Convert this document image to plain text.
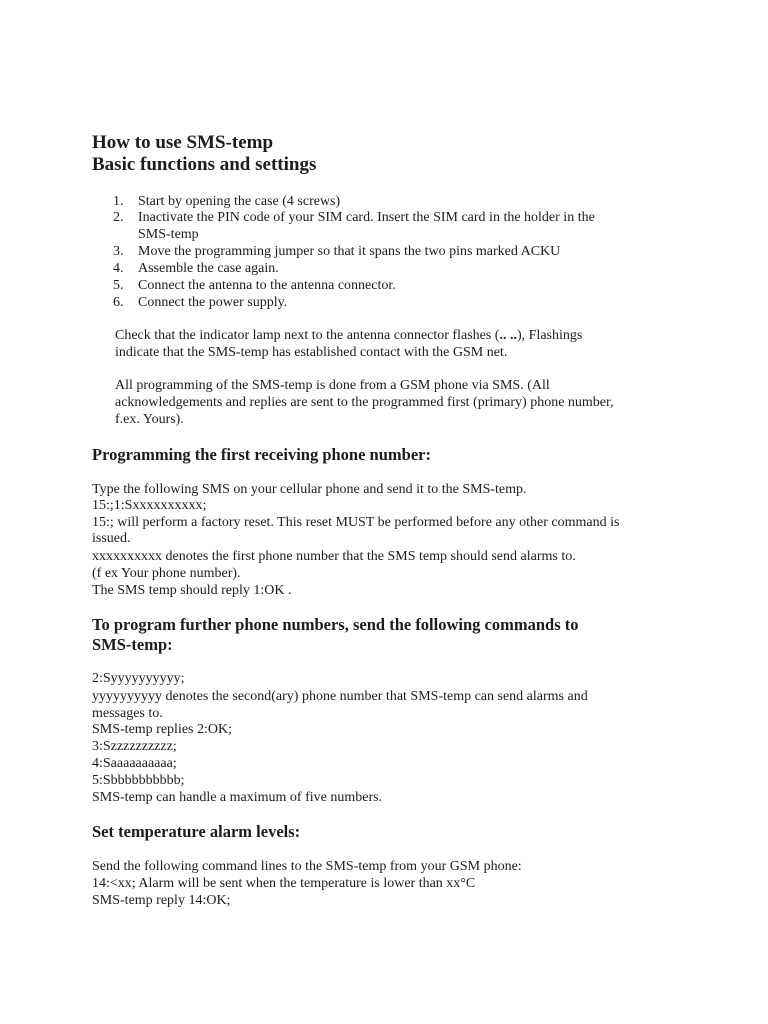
How to use SMS-temp
Basic functions and settings
1. Start by opening the case (4 screws)
2. Inactivate the PIN code of your SIM card. Insert the SIM card in the holder in the
SMS-temp
3. Move the programming jumper so that it spans the two pins marked ACKU
4. Assemble the case again.
5. Connect the antenna to the antenna connector.
6. Connect the power supply.
Check that the indicator lamp next to the antenna connector flashes (.. ..), Flashings
indicate that the SMS-temp has established contact with the GSM net.
All programming of the SMS-temp is done from a GSM phone via SMS. (All
acknowledgements and replies are sent to the programmed first (primary) phone number,
f.ex. Yours).
Programming the first receiving phone number:
Type the following SMS on your cellular phone and send it to the SMS-temp.
15:;1:Sxxxxxxxxxx;
15:; will perform a factory reset. This reset MUST be performed before any other command is
issued.
xxxxxxxxxx denotes the first phone number that the SMS temp should send alarms to.
(f ex Your phone number).
The SMS temp should reply 1:OK .
To program further phone numbers, send the following commands to
SMS-temp:
2:Syyyyyyyyyy;
yyyyyyyyyy denotes the second(ary) phone number that SMS-temp can send alarms and
messages to.
SMS-temp replies 2:OK;
3:Szzzzzzzzzz;
4:Saaaaaaaaaa;
5:Sbbbbbbbbbb;
SMS-temp can handle a maximum of five numbers.
Set temperature alarm levels:
Send the following command lines to the SMS-temp from your GSM phone:
14:<xx; Alarm will be sent when the temperature is lower than xx°C
SMS-temp reply 14:OK;
